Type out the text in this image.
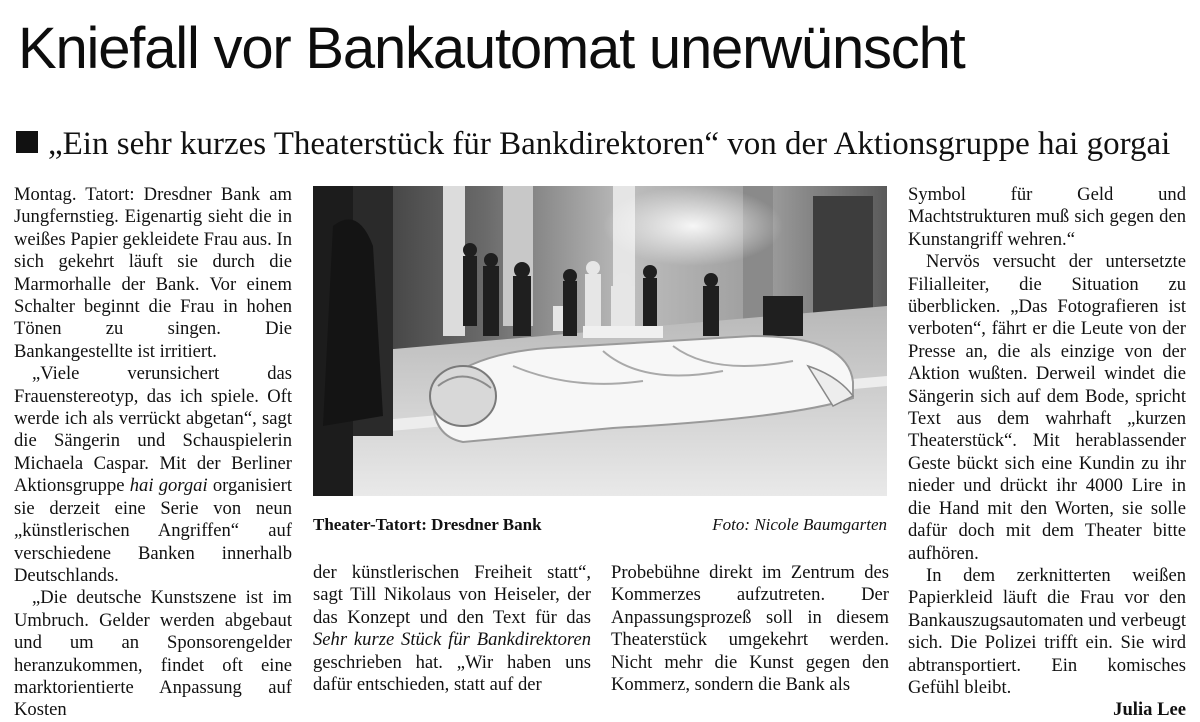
Kniefall vor Bankautomat unerwünscht
„Ein sehr kurzes Theaterstück für Bankdirektoren“ von der Aktionsgruppe hai gorgai

Montag. Tatort: Dresdner Bank am Jungfernstieg. Eigenartig sieht die in weißes Papier gekleidete Frau aus. In sich gekehrt läuft sie durch die Marmorhalle der Bank. Vor einem Schalter beginnt die Frau in hohen Tönen zu singen. Die Bankangestellte ist irritiert.

„Viele verunsichert das Frauenstereotyp, das ich spiele. Oft werde ich als verrückt abgetan“, sagt die Sängerin und Schauspielerin Michaela Caspar. Mit der Berliner Aktionsgruppe hai gorgai organisiert sie derzeit eine Serie von neun „künstlerischen Angriffen“ auf verschiedene Banken innerhalb Deutschlands.

„Die deutsche Kunstszene ist im Umbruch. Gelder werden abgebaut und um an Sponsorengelder heranzukommen, findet oft eine marktorientierte Anpassung auf Kosten

Theater-Tatort: Dresdner Bank	Foto: Nicole Baumgarten

der künstlerischen Freiheit statt“, sagt Till Nikolaus von Heiseler, der das Konzept und den Text für das Sehr kurze Stück für Bankdirektoren geschrieben hat. „Wir haben uns dafür entschieden, statt auf der

Probebühne direkt im Zentrum des Kommerzes aufzutreten. Der Anpassungsprozeß soll in diesem Theaterstück umgekehrt werden. Nicht mehr die Kunst gegen den Kommerz, sondern die Bank als

Symbol für Geld und Machtstrukturen muß sich gegen den Kunstangriff wehren.“

Nervös versucht der untersetzte Filialleiter, die Situation zu überblicken. „Das Fotografieren ist verboten“, fährt er die Leute von der Presse an, die als einzige von der Aktion wußten. Derweil windet die Sängerin sich auf dem Bode, spricht Text aus dem wahrhaft „kurzen Theaterstück“. Mit herablassender Geste bückt sich eine Kundin zu ihr nieder und drückt ihr 4000 Lire in die Hand mit den Worten, sie solle dafür doch mit dem Theater bitte aufhören.

In dem zerknitterten weißen Papierkleid läuft die Frau vor den Bankauszugsautomaten und verbeugt sich. Die Polizei trifft ein. Sie wird abtransportiert. Ein komisches Gefühl bleibt.

Julia Lee
